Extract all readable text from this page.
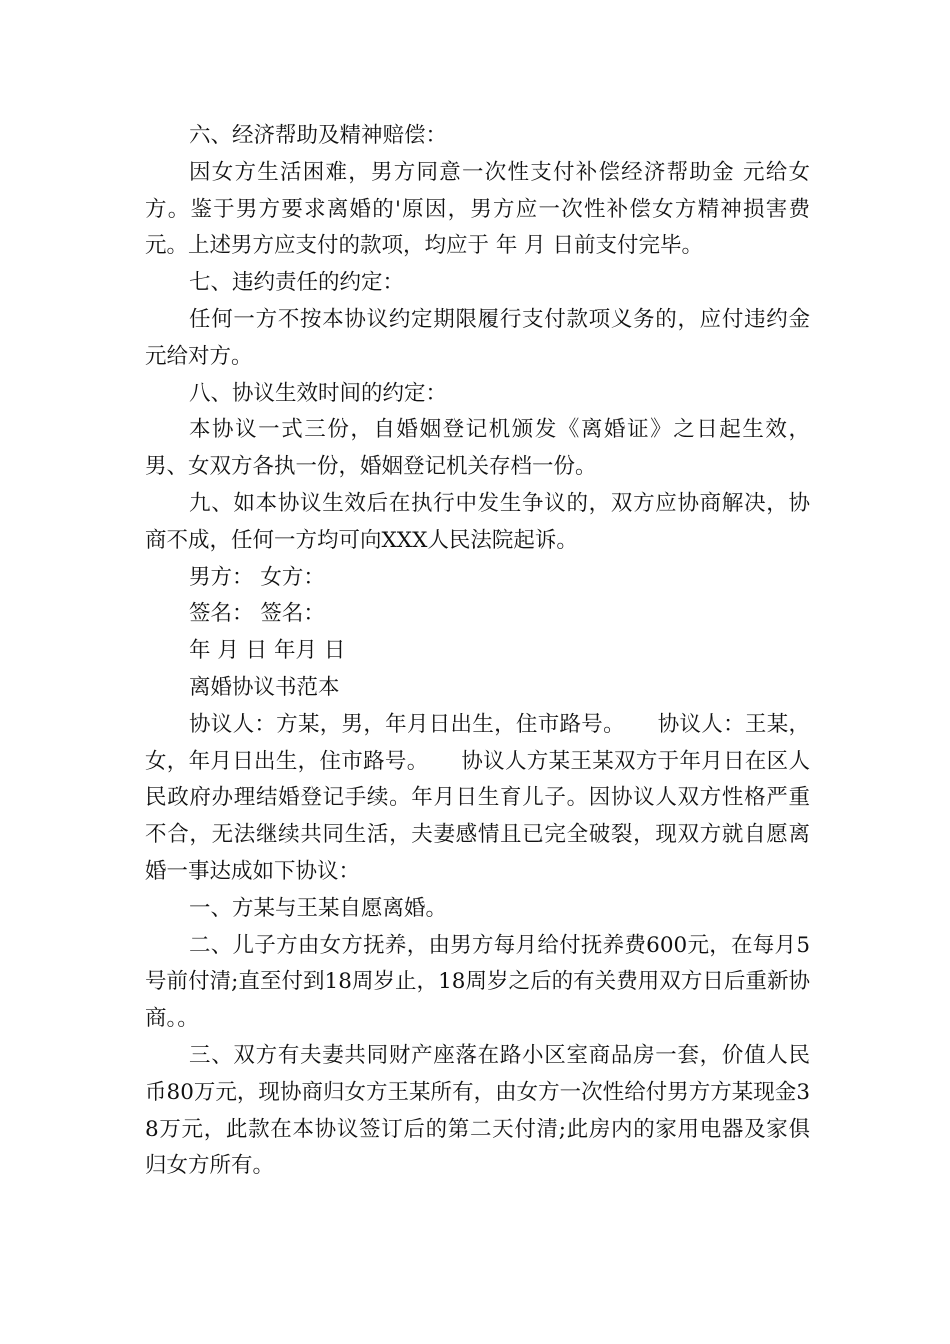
六、经济帮助及精神赔偿：

因女方生活困难，男方同意一次性支付补偿经济帮助金 元给女方。鉴于男方要求离婚的'原因，男方应一次性补偿女方精神损害费 元。上述男方应支付的款项，均应于 年 月 日前支付完毕。

七、违约责任的约定：

任何一方不按本协议约定期限履行支付款项义务的，应付违约金 元给对方。

八、协议生效时间的约定：

本协议一式三份，自婚姻登记机颁发《离婚证》之日起生效，男、女双方各执一份，婚姻登记机关存档一份。

九、如本协议生效后在执行中发生争议的，双方应协商解决，协商不成，任何一方均可向XXX人民法院起诉。

男方： 女方：

签名： 签名：

年 月 日 年月 日

离婚协议书范本

协议人：方某，男，年月日出生，住市路号。　　协议人：王某，女，年月日出生，住市路号。　　协议人方某王某双方于年月日在区人民政府办理结婚登记手续。年月日生育儿子。因协议人双方性格严重不合，无法继续共同生活，夫妻感情且已完全破裂，现双方就自愿离婚一事达成如下协议：

一、方某与王某自愿离婚。

二、儿子方由女方抚养，由男方每月给付抚养费600元，在每月5号前付清;直至付到18周岁止，18周岁之后的有关费用双方日后重新协商。。

三、双方有夫妻共同财产座落在路小区室商品房一套，价值人民币80万元，现协商归女方王某所有，由女方一次性给付男方方某现金38万元，此款在本协议签订后的第二天付清;此房内的家用电器及家俱归女方所有。
